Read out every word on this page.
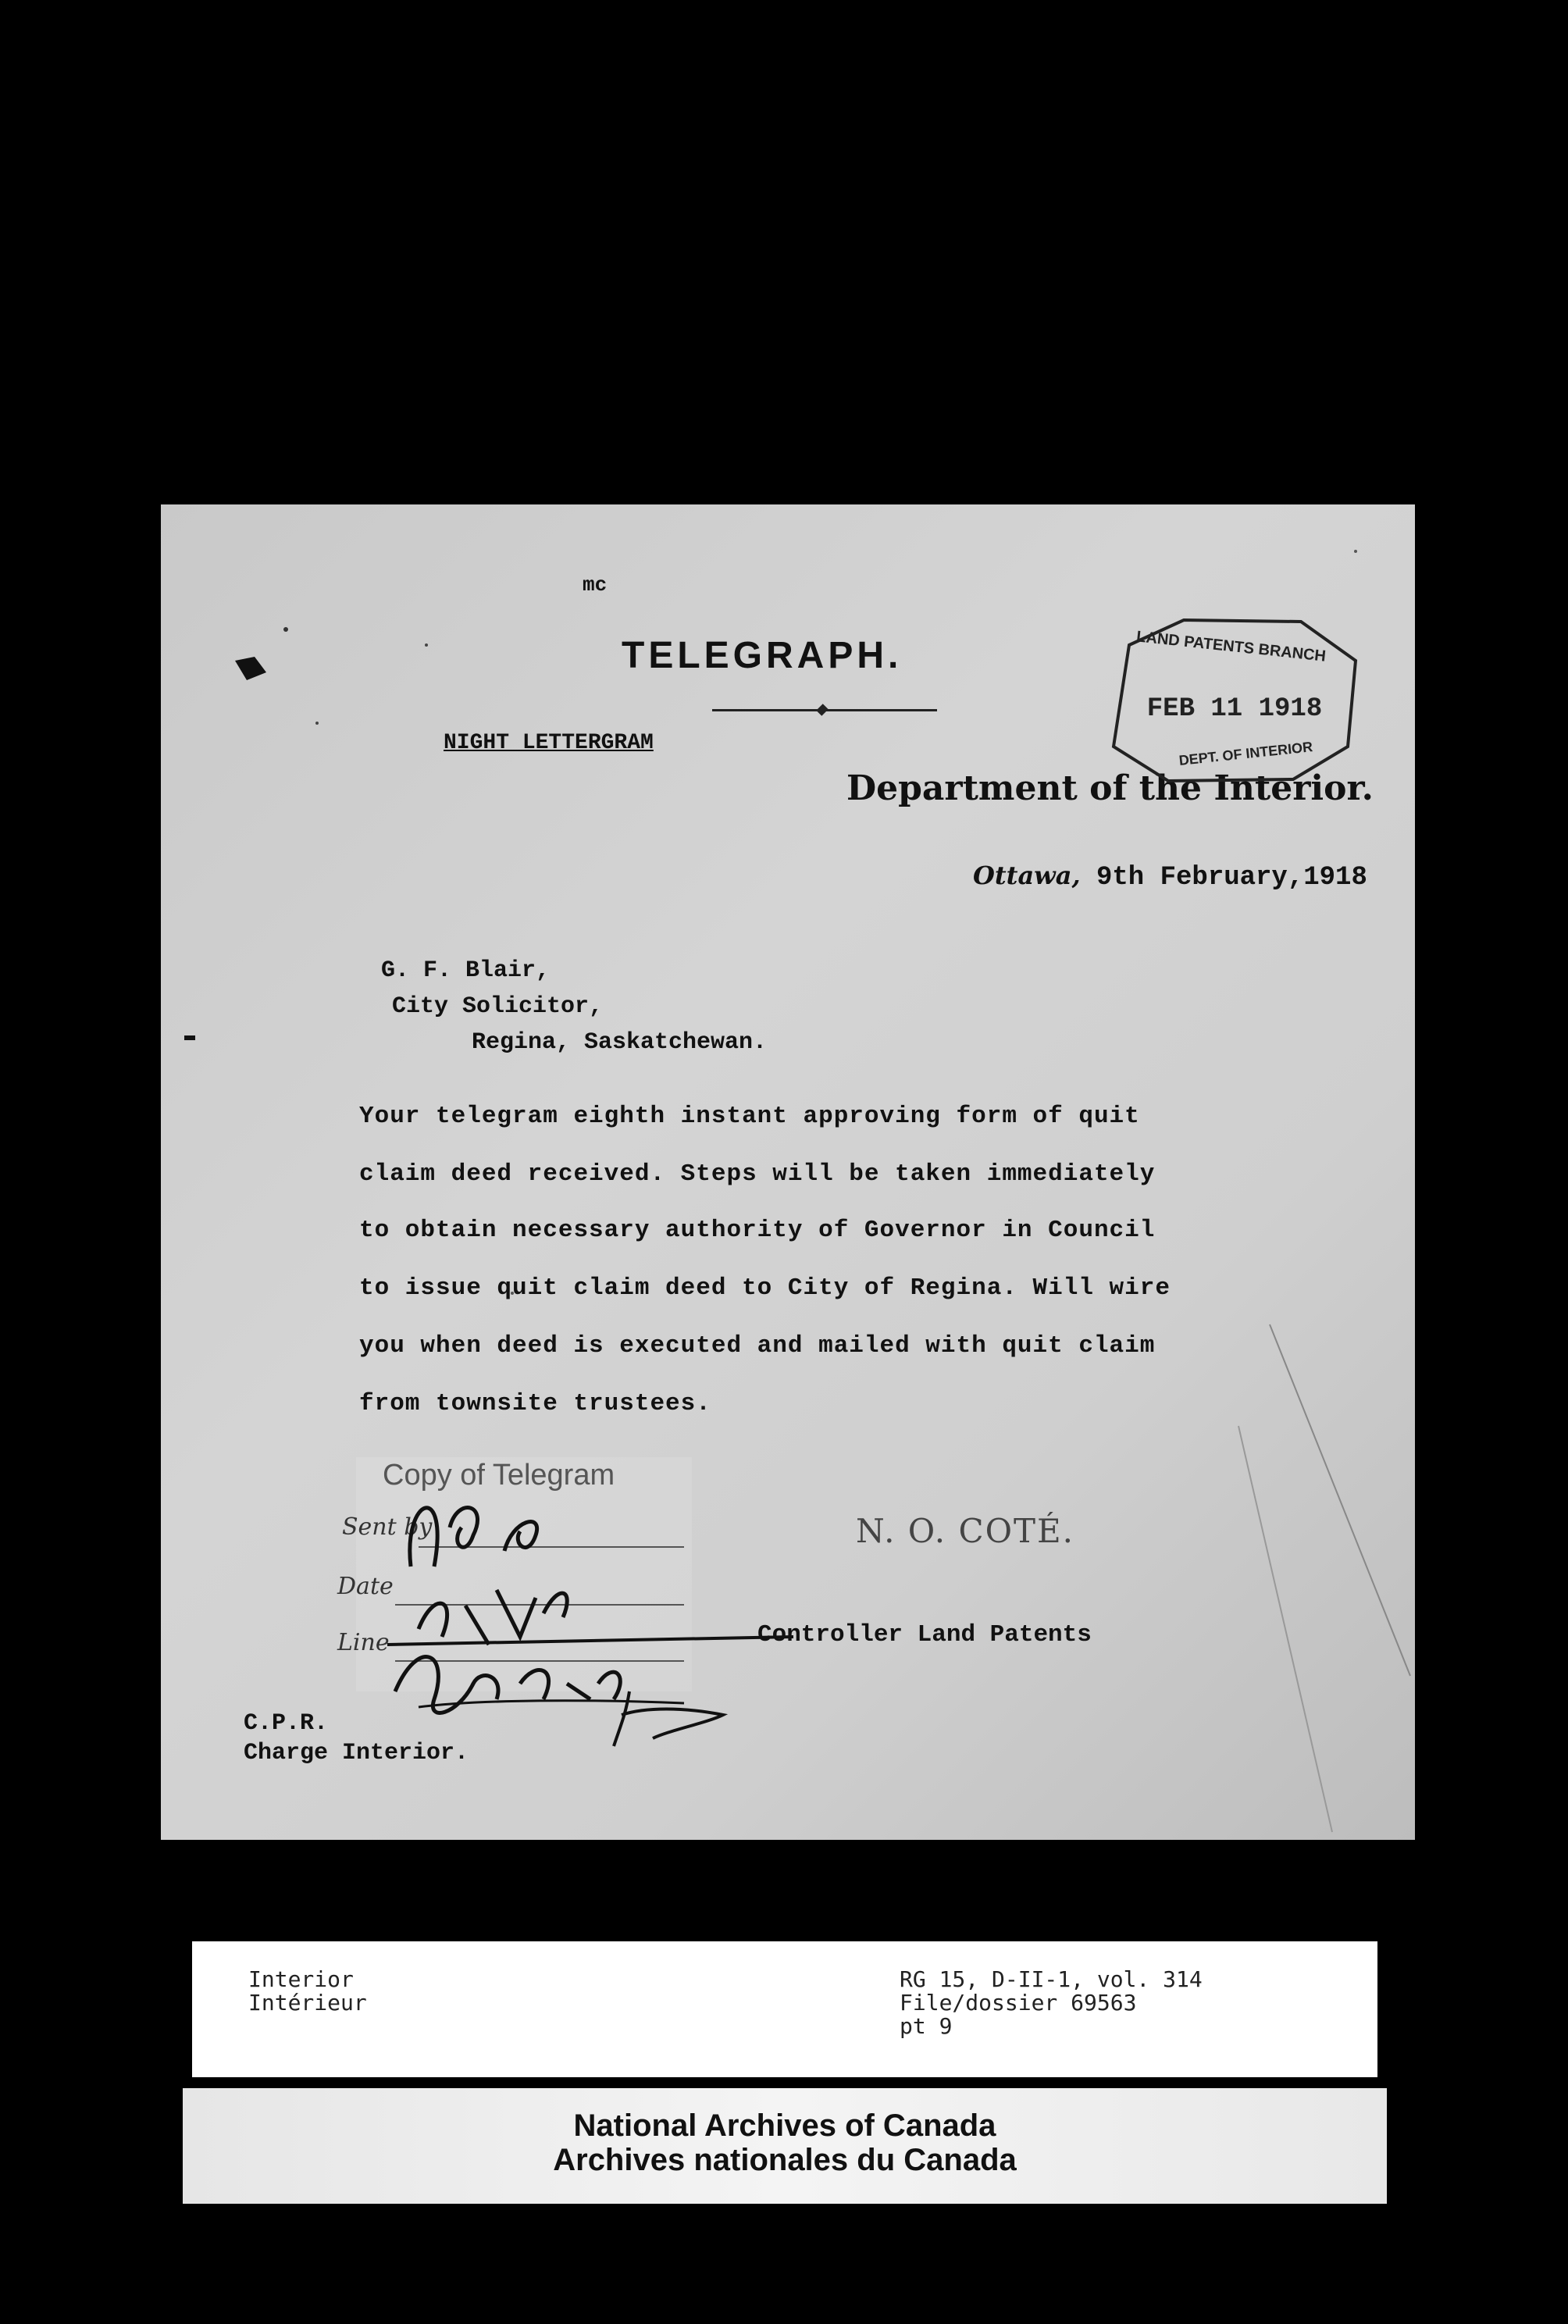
mc
TELEGRAPH.
NIGHT LETTERGRAM
Department of the Interior.
LAND PATENTS BRANCH
FEB 11 1918
DEPT. OF INTERIOR
Ottawa, 9th February,1918
G. F. Blair,
City Solicitor,
Regina, Saskatchewan.
Your telegram eighth instant approving form of quit
claim deed received. Steps will be taken immediately
to obtain necessary authority of Governor in Council
to issue quit claim deed to City of Regina. Will wire
you when deed is executed and mailed with quit claim
from townsite trustees.
Copy of Telegram
Sent by
Date
Line
N. O. COTÉ.
Controller Land Patents
C.P.R.
Charge Interior.
Interior
Intérieur
RG 15, D-II-1, vol. 314
File/dossier 69563
pt 9
National Archives of Canada
Archives nationales du Canada
